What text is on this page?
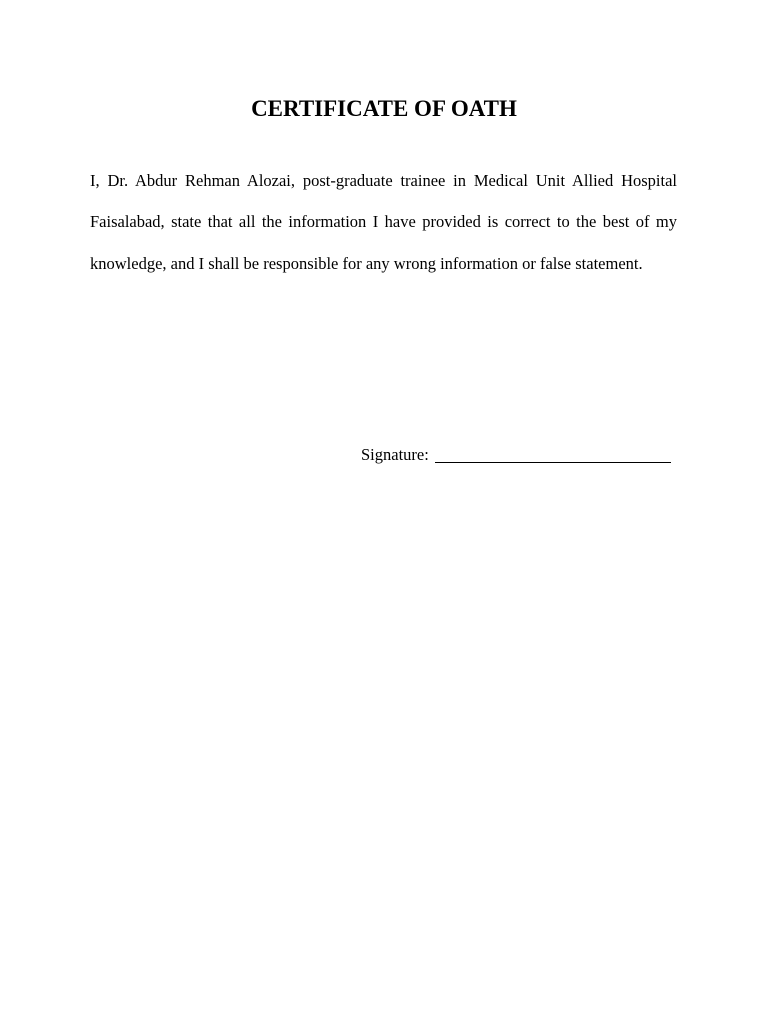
CERTIFICATE OF OATH

I, Dr. Abdur Rehman Alozai, post-graduate trainee in Medical Unit Allied Hospital Faisalabad, state that all the information I have provided is correct to the best of my knowledge, and I shall be responsible for any wrong information or false statement.

Signature:
